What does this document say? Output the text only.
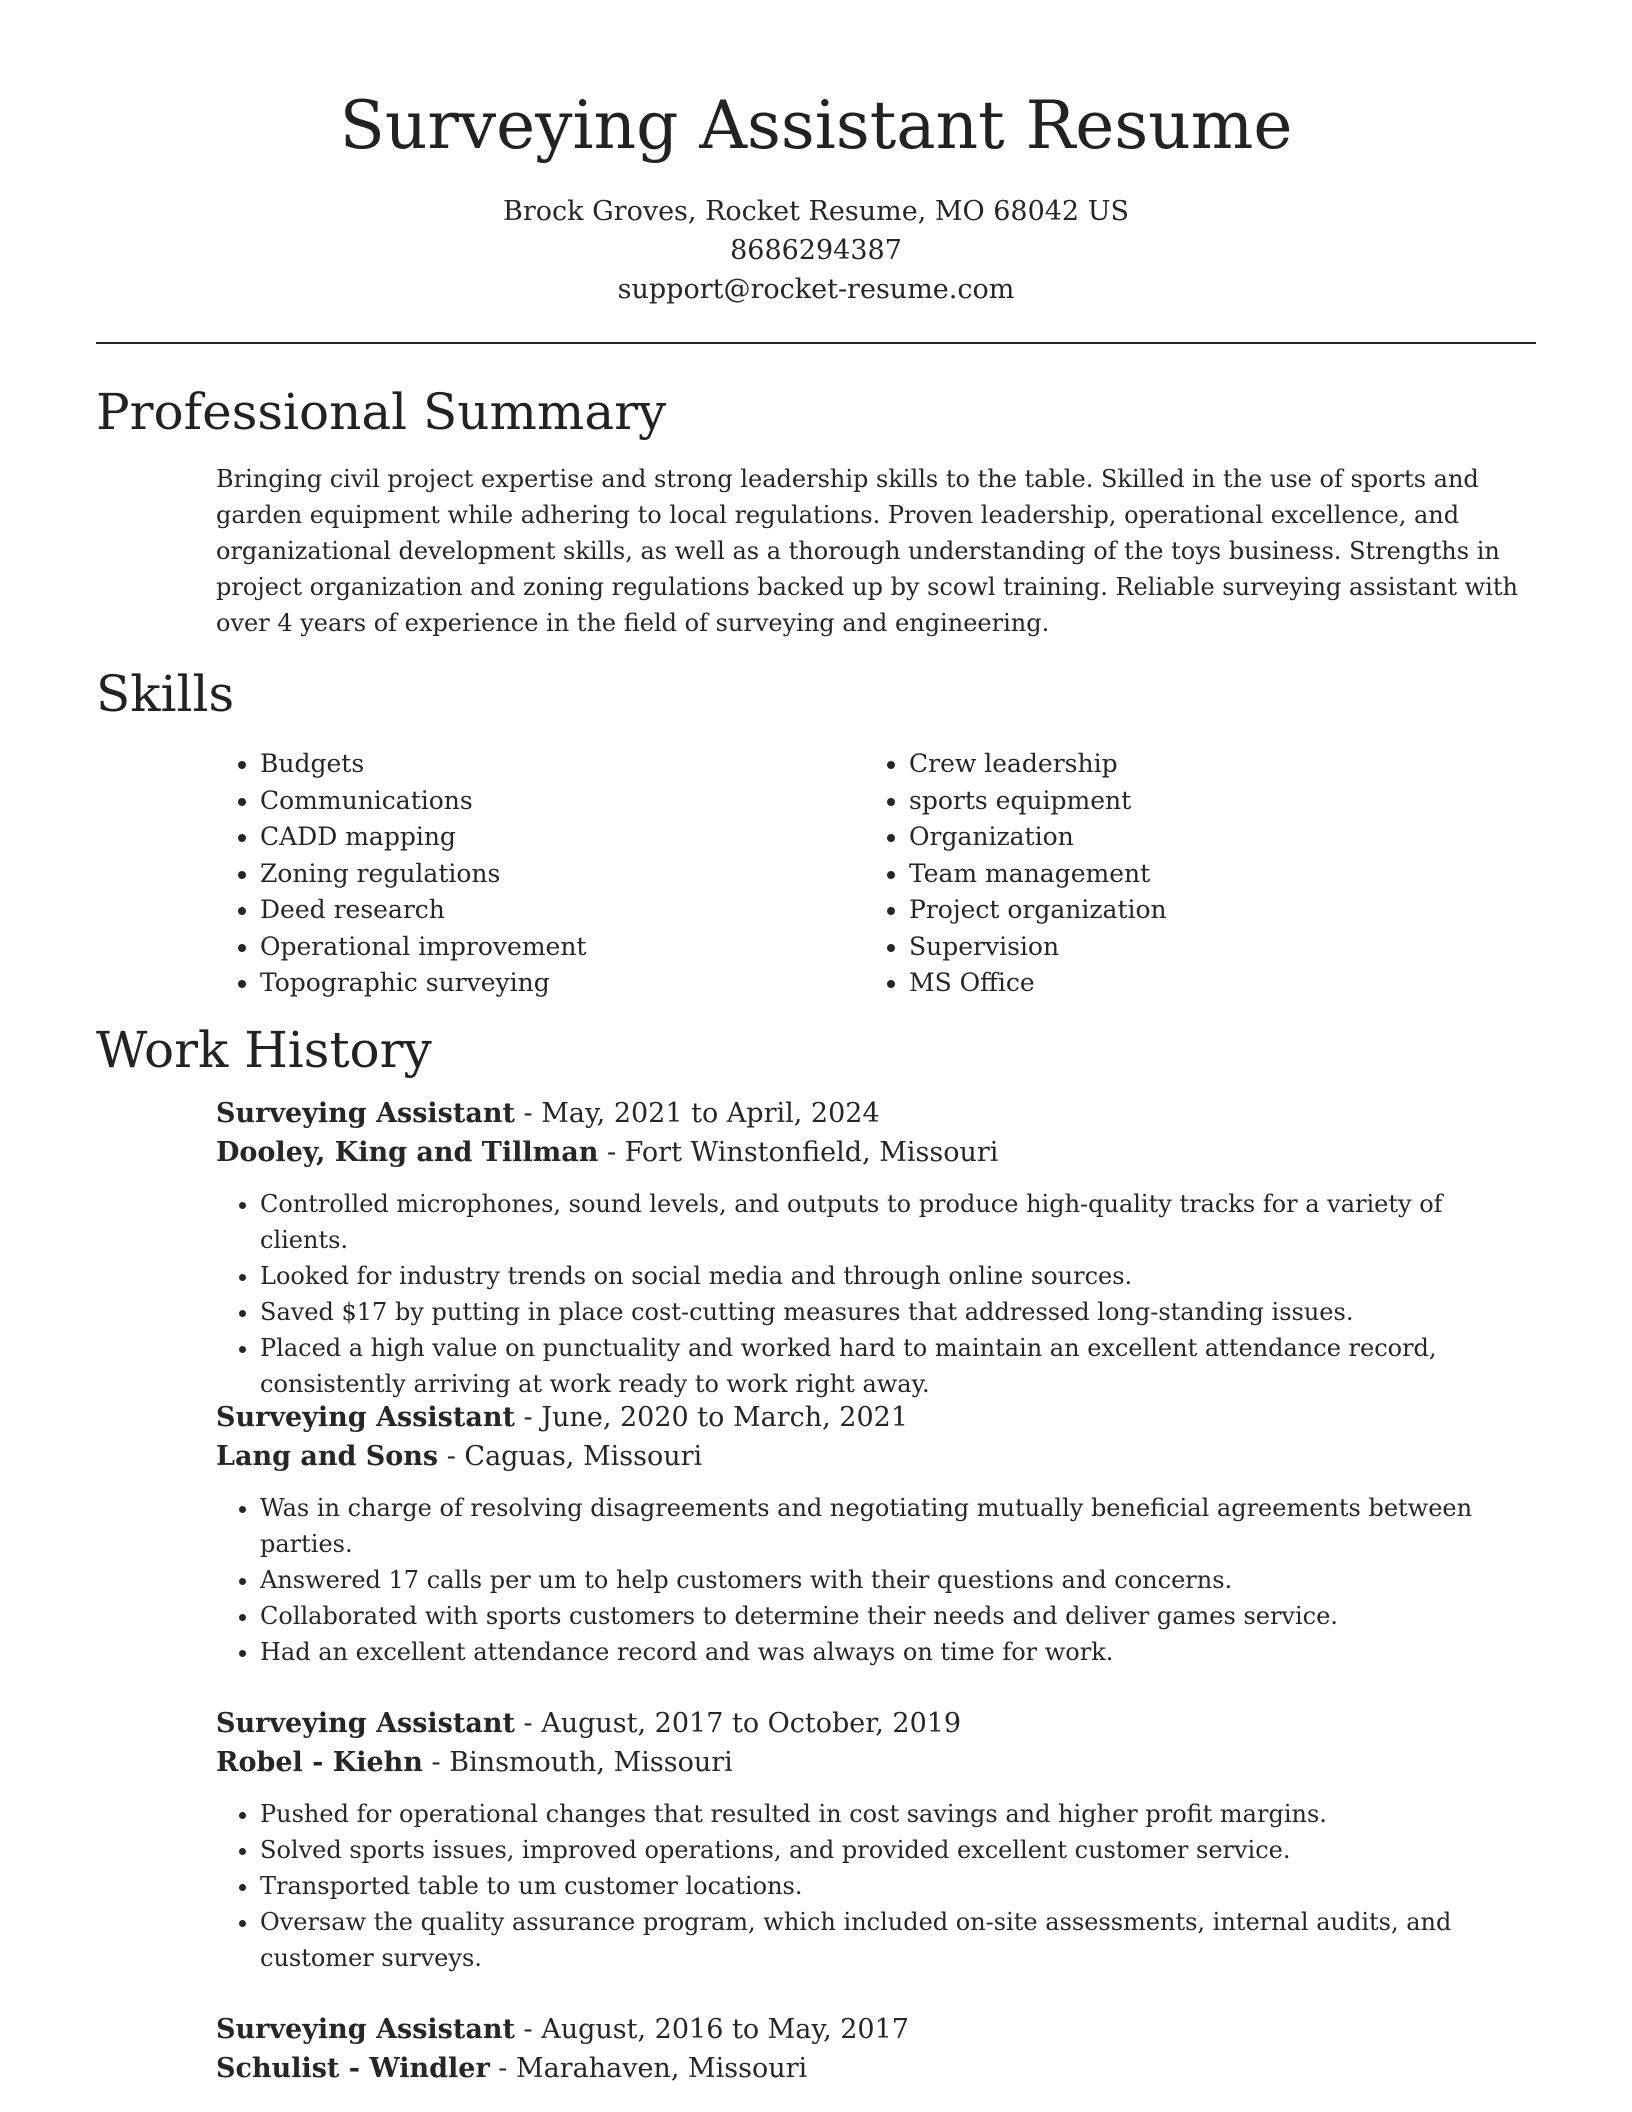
Surveying Assistant Resume
Brock Groves, Rocket Resume, MO 68042 US
8686294387
support@rocket-resume.com
Professional Summary

Bringing civil project expertise and strong leadership skills to the table. Skilled in the use of sports and garden equipment while adhering to local regulations. Proven leadership, operational excellence, and organizational development skills, as well as a thorough understanding of the toys business. Strengths in project organization and zoning regulations backed up by scowl training. Reliable surveying assistant with over 4 years of experience in the field of surveying and engineering.

Skills
• Budgets
• Communications
• CADD mapping
• Zoning regulations
• Deed research
• Operational improvement
• Topographic surveying
• Crew leadership
• sports equipment
• Organization
• Team management
• Project organization
• Supervision
• MS Office
Work History
Surveying Assistant - May, 2021 to April, 2024
Dooley, King and Tillman - Fort Winstonfield, Missouri
• Controlled microphones, sound levels, and outputs to produce high-quality tracks for a variety of clients.
• Looked for industry trends on social media and through online sources.
• Saved $17 by putting in place cost-cutting measures that addressed long-standing issues.
• Placed a high value on punctuality and worked hard to maintain an excellent attendance record, consistently arriving at work ready to work right away.
Surveying Assistant - June, 2020 to March, 2021
Lang and Sons - Caguas, Missouri
• Was in charge of resolving disagreements and negotiating mutually beneficial agreements between parties.
• Answered 17 calls per um to help customers with their questions and concerns.
• Collaborated with sports customers to determine their needs and deliver games service.
• Had an excellent attendance record and was always on time for work.
Surveying Assistant - August, 2017 to October, 2019
Robel - Kiehn - Binsmouth, Missouri
• Pushed for operational changes that resulted in cost savings and higher profit margins.
• Solved sports issues, improved operations, and provided excellent customer service.
• Transported table to um customer locations.
• Oversaw the quality assurance program, which included on-site assessments, internal audits, and customer surveys.
Surveying Assistant - August, 2016 to May, 2017
Schulist - Windler - Marahaven, Missouri
